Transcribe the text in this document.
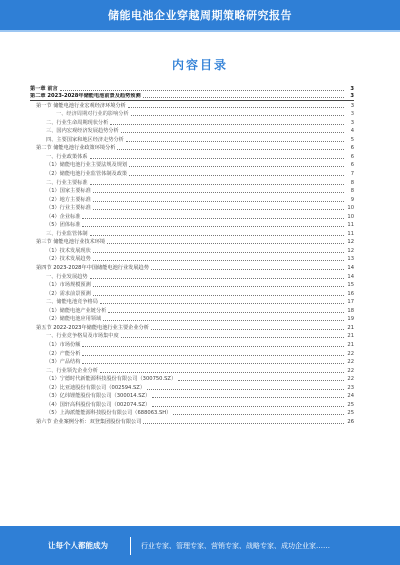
储能电池企业穿越周期策略研究报告
内容目录
第一章 前言	3
第二章 2023-2028年储能电池前景及趋势预测	3
第一节 储能电池行业宏观经济环境分析	3
一、经济周期对行业的影响分析	3
二、行业生命周期现状分析	3
三、国内宏观经济发展趋势分析	4
四、主要国家和地区经济走势分析	5
第二节 储能电池行业政策环境分析	6
一、行业政策体系	6
（1）储能电池行业主要法规及规划	6
（2）储能电池行业监管体制及政策	7
二、行业主要标准	8
（1）国家主要标准	8
（2）地方主要标准	9
（3）行业主要标准	10
（4）企业标准	10
（5）团体标准	11
三、行业监管体制	11
第三节 储能电池行业技术环境	12
（1）技术发展现状	12
（2）技术发展趋势	13
第四节 2023-2028年中国储能电池行业发展趋势	14
一、行业发展趋势	14
（1）市场规模预测	15
（2）需求前景预测	16
二、储能电池竞争格局	17
（1）储能电池产业链分析	18
（2）储能电池应用领域	19
第五节 2022-2023年储能电池行业主要企业分析	21
一、行业竞争格局及市场集中度	21
（1）市场份额	21
（2）产能分析	22
（3）产品结构	22
二、行业领先企业分析	22
（1）宁德时代新能源科技股份有限公司（300750.SZ）	22
（2）比亚迪股份有限公司（002594.SZ）	23
（3）亿纬锂能股份有限公司（300014.SZ）	24
（4）国轩高科股份有限公司（002074.SZ）	25
（5）上海派能能源科技股份有限公司（688063.SH）	25
第六节 企业案例分析：双登集团股份有限公司	26
让每个人都能成为	行业专家、管理专家、营销专家、战略专家、成功企业家……
